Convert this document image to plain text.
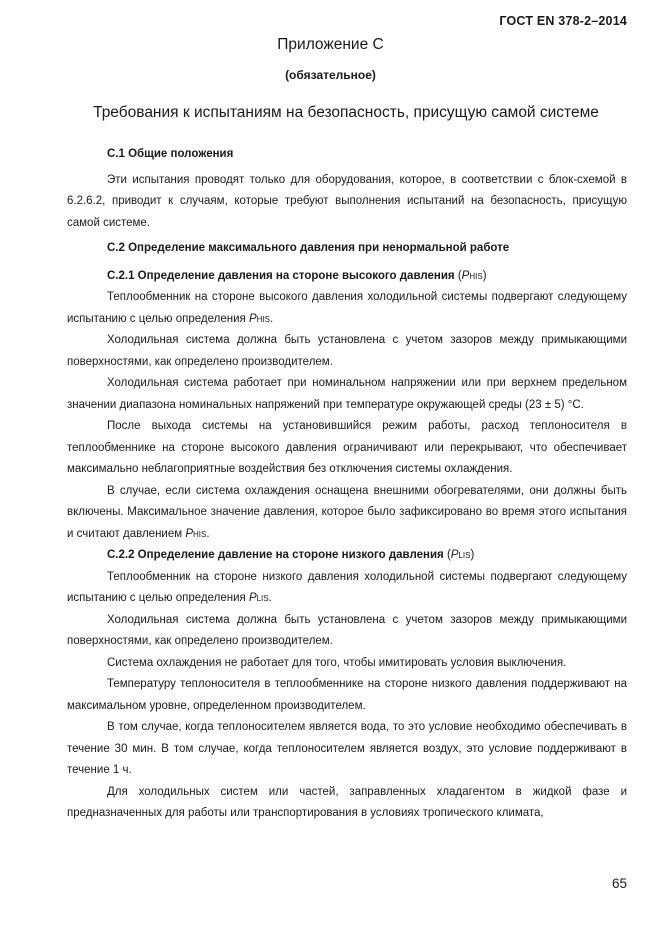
ГОСТ EN 378-2–2014
Приложение С
(обязательное)
Требования к испытаниям на безопасность, присущую самой системе

С.1 Общие положения

Эти испытания проводят только для оборудования, которое, в соответствии с блок-схемой в 6.2.6.2, приводит к случаям, которые требуют выполнения испытаний на безопасность, присущую самой системе.

С.2 Определение максимального давления при ненормальной работе

С.2.1 Определение давления на стороне высокого давления (PHIS)

Теплообменник на стороне высокого давления холодильной системы подвергают следующему испытанию с целью определения PHIS.

Холодильная система должна быть установлена с учетом зазоров между примыкающими поверхностями, как определено производителем.

Холодильная система работает при номинальном напряжении или при верхнем предельном значении диапазона номинальных напряжений при температуре окружающей среды (23 ± 5) °С.

После выхода системы на установившийся режим работы, расход теплоносителя в теплообменнике на стороне высокого давления ограничивают или перекрывают, что обеспечивает максимально неблагоприятные воздействия без отключения системы охлаждения.

В случае, если система охлаждения оснащена внешними обогревателями, они должны быть включены. Максимальное значение давления, которое было зафиксировано во время этого испытания и считают давлением PHIS.

С.2.2 Определение давление на стороне низкого давления (PLIS)

Теплообменник на стороне низкого давления холодильной системы подвергают следующему испытанию с целью определения PLIS.

Холодильная система должна быть установлена с учетом зазоров между примыкающими поверхностями, как определено производителем.

Система охлаждения не работает для того, чтобы имитировать условия выключения.

Температуру теплоносителя в теплообменнике на стороне низкого давления поддерживают на максимальном уровне, определенном производителем.

В том случае, когда теплоносителем является вода, то это условие необходимо обеспечивать в течение 30 мин. В том случае, когда теплоносителем является воздух, это условие поддерживают в течение 1 ч.

Для холодильных систем или частей, заправленных хладагентом в жидкой фазе и предназначенных для работы или транспортирования в условиях тропического климата,

65
